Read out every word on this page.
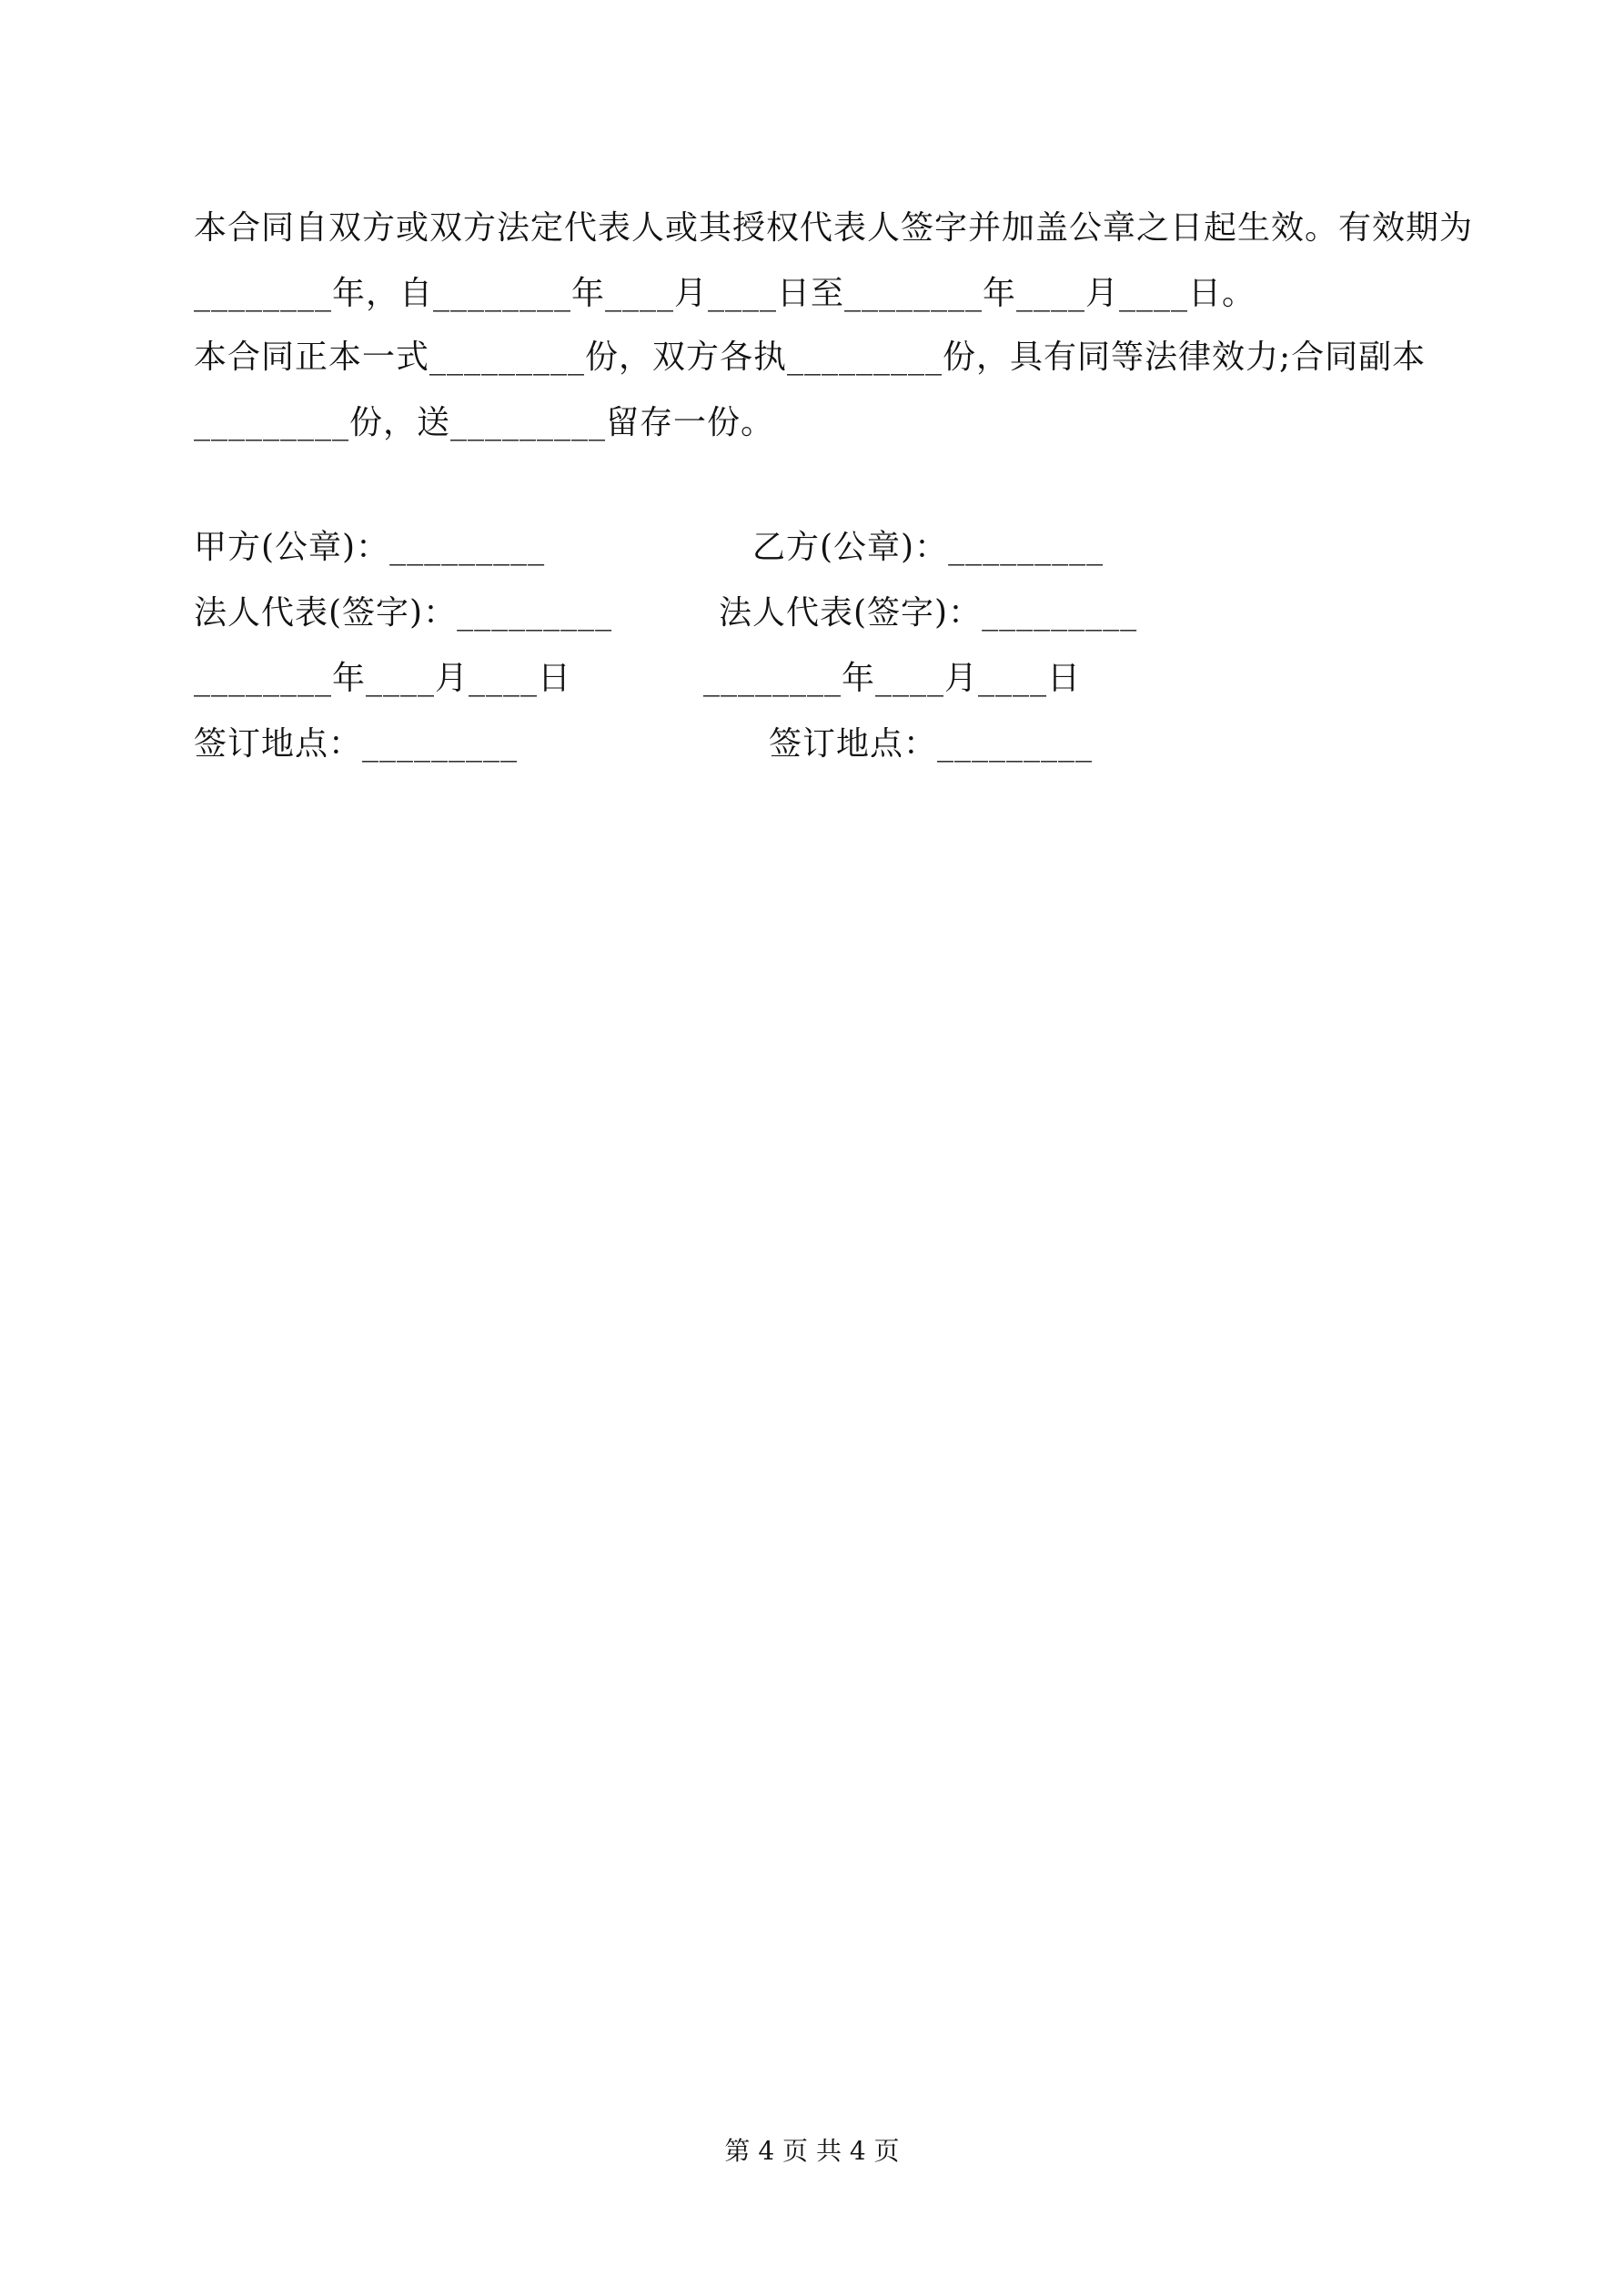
本合同自双方或双方法定代表人或其授权代表人签字并加盖公章之日起生效。有效期为
________年，自________年____月____日至________年____月____日。
本合同正本一式_________份，双方各执_________份，具有同等法律效力;合同副本
_________份，送_________留存一份。
甲方(公章)：_________
法人代表(签字)：_________
________年____月____日
签订地点：_________
乙方(公章)：_________
法人代表(签字)：_________
________年____月____日
签订地点：_________
第 4 页 共 4 页
